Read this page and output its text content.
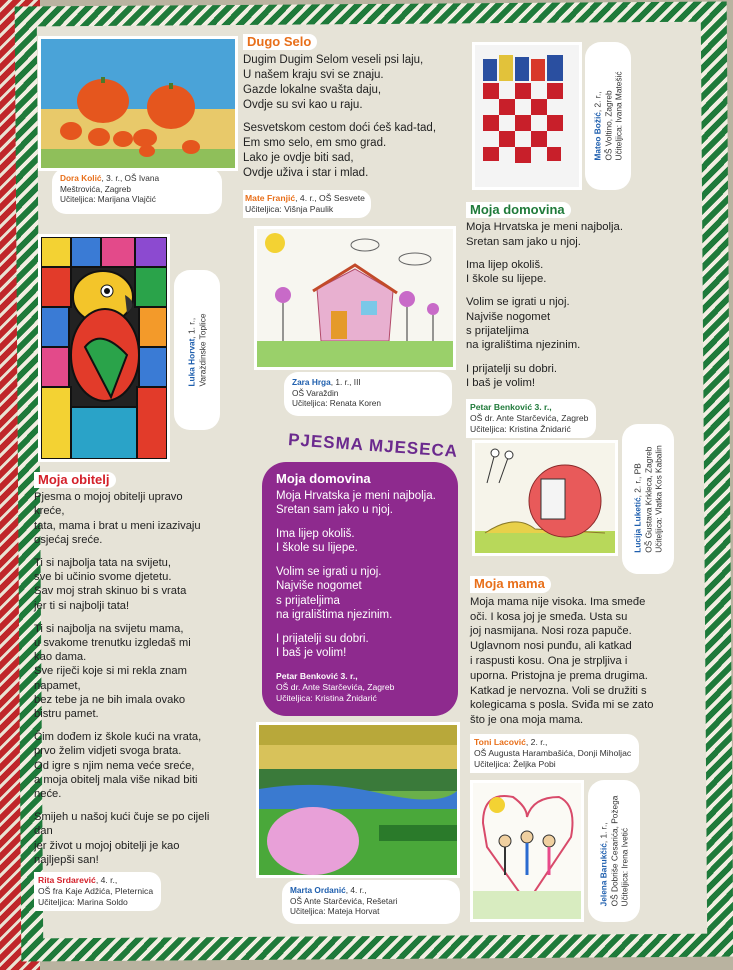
Dora Kolić, 3. r., OŠ Ivana
Meštrovića, Zagreb
Učiteljica: Marijana Vlajčić
Dugo Selo

Dugim Dugim Selom veseli psi laju,
U našem kraju svi se znaju.
Gazde lokalne svašta daju,
Ovdje su svi kao u raju.

Sesvetskom cestom doći ćeš kad-tad,
Em smo selo, em smo grad.
Lako je ovdje biti sad,
Ovdje uživa i star i mlad.

Mate Franjić, 4. r., OŠ Sesvete
Učiteljica: Višnja Paulik
Mateo Božić, 2. r.,
OŠ Voltino, Zagreb
Učiteljica: Ivana Matešić
Luka Horvat, 1. r.,
Varaždinske Toplice	Zara Hrga, 1. r., III
OŠ Varaždin
Učiteljica: Renata Koren
Moja domovina

Moja Hrvatska je meni najbolja.
Sretan sam jako u njoj.

Ima lijep okoliš.
I škole su lijepe.

Volim se igrati u njoj.
Najviše nogomet
s prijateljima
na igralištima njezinim.

I prijatelji su dobri.
I baš je volim!

Petar Benković 3. r.,
OŠ dr. Ante Starčevića, Zagreb
Učiteljica: Kristina Žnidarić
PJESMA MJESECA
Moja domovina

Moja Hrvatska je meni najbolja.
Sretan sam jako u njoj.

Ima lijep okoliš.
I škole su lijepe.

Volim se igrati u njoj.
Najviše nogomet
s prijateljima
na igralištima njezinim.

I prijatelji su dobri.
I baš je volim!

Petar Benković 3. r.,
OŠ dr. Ante Starčevića, Zagreb
Učiteljica: Kristina Žnidarić
Lucija Luketić, 2. r., PB
OŠ Gustava Krkleca, Zagreb
Učiteljica: Vlatka Kos Kabalin
Moja obitelj

Pjesma o mojoj obitelji upravo
kreće,
tata, mama i brat u meni izazivaju
osjećaj sreće.

Ti si najbolja tata na svijetu,
sve bi učinio svome djetetu.
Sav moj strah skinuo bi s vrata
jer ti si najbolji tata!

Ti si najbolja na svijetu mama,
u svakome trenutku izgledaš mi
kao dama.
Sve riječi koje si mi rekla znam
napamet,
bez tebe ja ne bih imala ovako
bistru pamet.

Čim dođem iz škole kući na vrata,
prvo želim vidjeti svoga brata.
Od igre s njim nema veće sreće,
a moja obitelj mala više nikad biti
neće.

Smijeh u našoj kući čuje se po cijeli
dan
jer život u mojoj obitelji je kao
najljepši san!

Rita Srdarević, 4. r.,
OŠ fra Kaje Adžića, Pleternica
Učiteljica: Marina Soldo
Moja mama
Moja mama nije visoka. Ima smeđe
oči. I kosa joj je smeđa. Usta su
joj nasmijana. Nosi roza papuče.
Uglavnom nosi punđu, ali katkad
i raspusti kosu. Ona je strpljiva i
uporna. Pristojna je prema drugima.
Katkad je nervozna. Voli se družiti s
kolegicama s posla. Sviđa mi se zato
što je ona moja mama.
Toni Lacović, 2. r.,
OŠ Augusta Harambašića, Donji Miholjac
Učiteljica: Željka Pobi
Marta Ordanić, 4. r.,
OŠ Ante Starčevića, Rešetari
Učiteljica: Mateja Horvat
Jelena Barukčić, 1. r.,
OŠ Dobriše Cesarića, Požega
Učiteljica: Irena Ivetić
